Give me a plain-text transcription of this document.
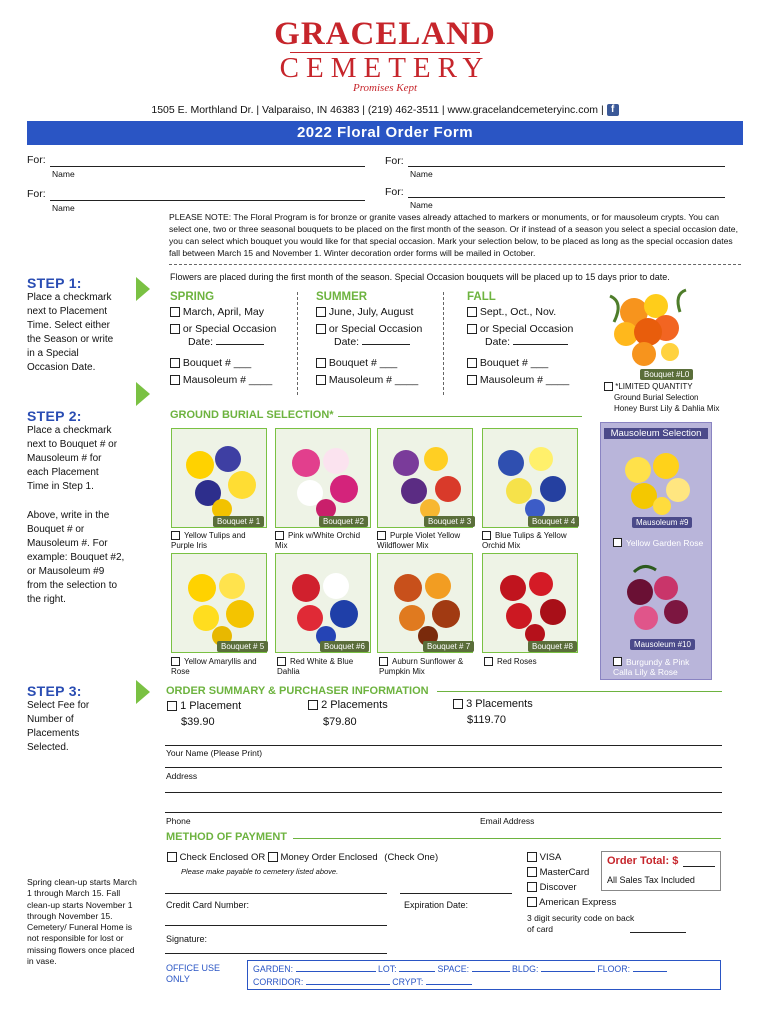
GRACELAND
CEMETERY
Promises Kept
1505 E. Morthland Dr. | Valparaiso, IN 46383 | (219) 462-3511 | www.gracelandcemeteryinc.com | f
2022 Floral Order Form
For:
Name
For:
Name
For:
Name
For:
Name
PLEASE NOTE: The Floral Program is for bronze or granite vases already attached to markers or monuments, or for mausoleum crypts. You can select one, two or three seasonal bouquets to be placed on the first month of the season. Or if instead of a season you select a special occasion date, you can select which bouquet you would like for that special occasion. Mark your selection below, to be placed as long as the special occasion dates fall between March 15 and November 1. Winter decoration order forms will be mailed in October.
STEP 1:
Place a checkmark next to Placement Time. Select either the Season or write in a Special Occasion Date.
Flowers are placed during the first month of the season. Special Occasion bouquets will be placed up to 15 days prior to date.
SPRING
March, April, May
or Special Occasion
Date:
Bouquet # ___
Mausoleum # ____
SUMMER
June, July, August
or Special Occasion
Date:
Bouquet # ___
Mausoleum # ____
FALL
Sept., Oct., Nov.
or Special Occasion
Date:
Bouquet # ___
Mausoleum # ____	Bouquet #L0
*LIMITED QUANTITY
Ground Burial Selection
Honey Burst Lily & Dahlia Mix
STEP 2:
Place a checkmark next to Bouquet # or Mausoleum # for each Placement Time in Step 1.
Above, write in the Bouquet # or Mausoleum #. For example: Bouquet #2, or Mausoleum #9 from the selection to the right.
GROUND BURIAL SELECTION*
Bouquet # 1	Bouquet #2	Bouquet # 3	Bouquet # 4
Yellow Tulips and Purple Iris
Pink w/White Orchid Mix
Purple Violet Yellow Wildflower Mix
Blue Tulips & Yellow Orchid Mix
Bouquet # 5	Bouquet #6	Bouquet # 7	Bouquet #8
Yellow Amaryllis and Rose
Red White & Blue Dahlia
Auburn Sunflower & Pumpkin Mix
Red Roses
Mausoleum Selection
Mausoleum #9
Yellow Garden Rose
Mausoleum #10
Burgundy & Pink Calla Lily & Rose
STEP 3:
Select Fee for Number of Placements Selected.
ORDER SUMMARY & PURCHASER INFORMATION
1 Placement
$39.90
2 Placements
$79.80
3 Placements
$119.70
Your Name (Please Print)
Address
Phone	Email Address
METHOD OF PAYMENT
Check Enclosed OR Money Order Enclosed (Check One)
Please make payable to cemetery listed above.
VISA
MasterCard
Discover
American Express
Order Total: $
All Sales Tax Included
Credit Card Number:	Expiration Date:
3 digit security code on back of card
Signature:
Spring clean-up starts March 1 through March 15. Fall clean-up starts November 1 through November 15. Cemetery/ Funeral Home is not responsible for lost or missing flowers once placed in vase.
OFFICE USE ONLY
GARDEN:	LOT:	SPACE:	BLDG:	FLOOR:
CORRIDOR:	CRYPT:
